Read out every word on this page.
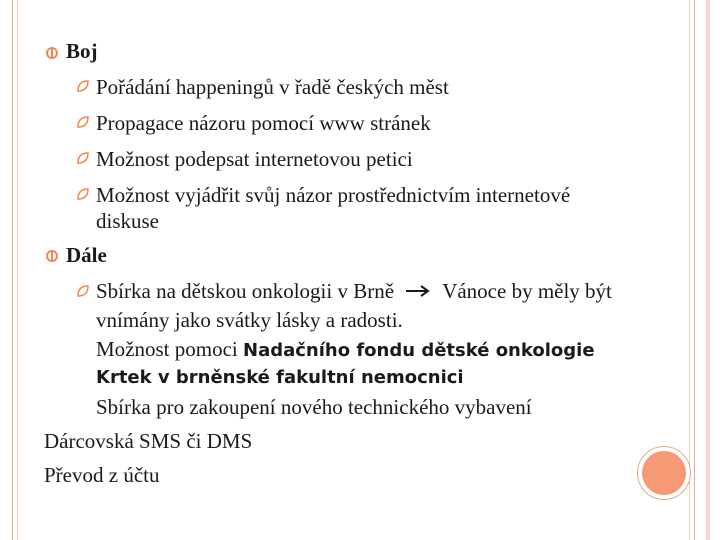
Boj
Pořádání happeningů v řadě českých měst
Propagace názoru pomocí www stránek
Možnost podepsat internetovou petici
Možnost vyjádřit svůj názor prostřednictvím internetové
diskuse
Dále
Sbírka na dětskou onkologii v Brně Vánoce by měly být
vnímány jako svátky lásky a radosti.
Možnost pomoci Nadačního fondu dětské onkologie
Krtek v brněnské fakultní nemocnici
Sbírka pro zakoupení nového technického vybavení
Dárcovská SMS či DMS
Převod z účtu
